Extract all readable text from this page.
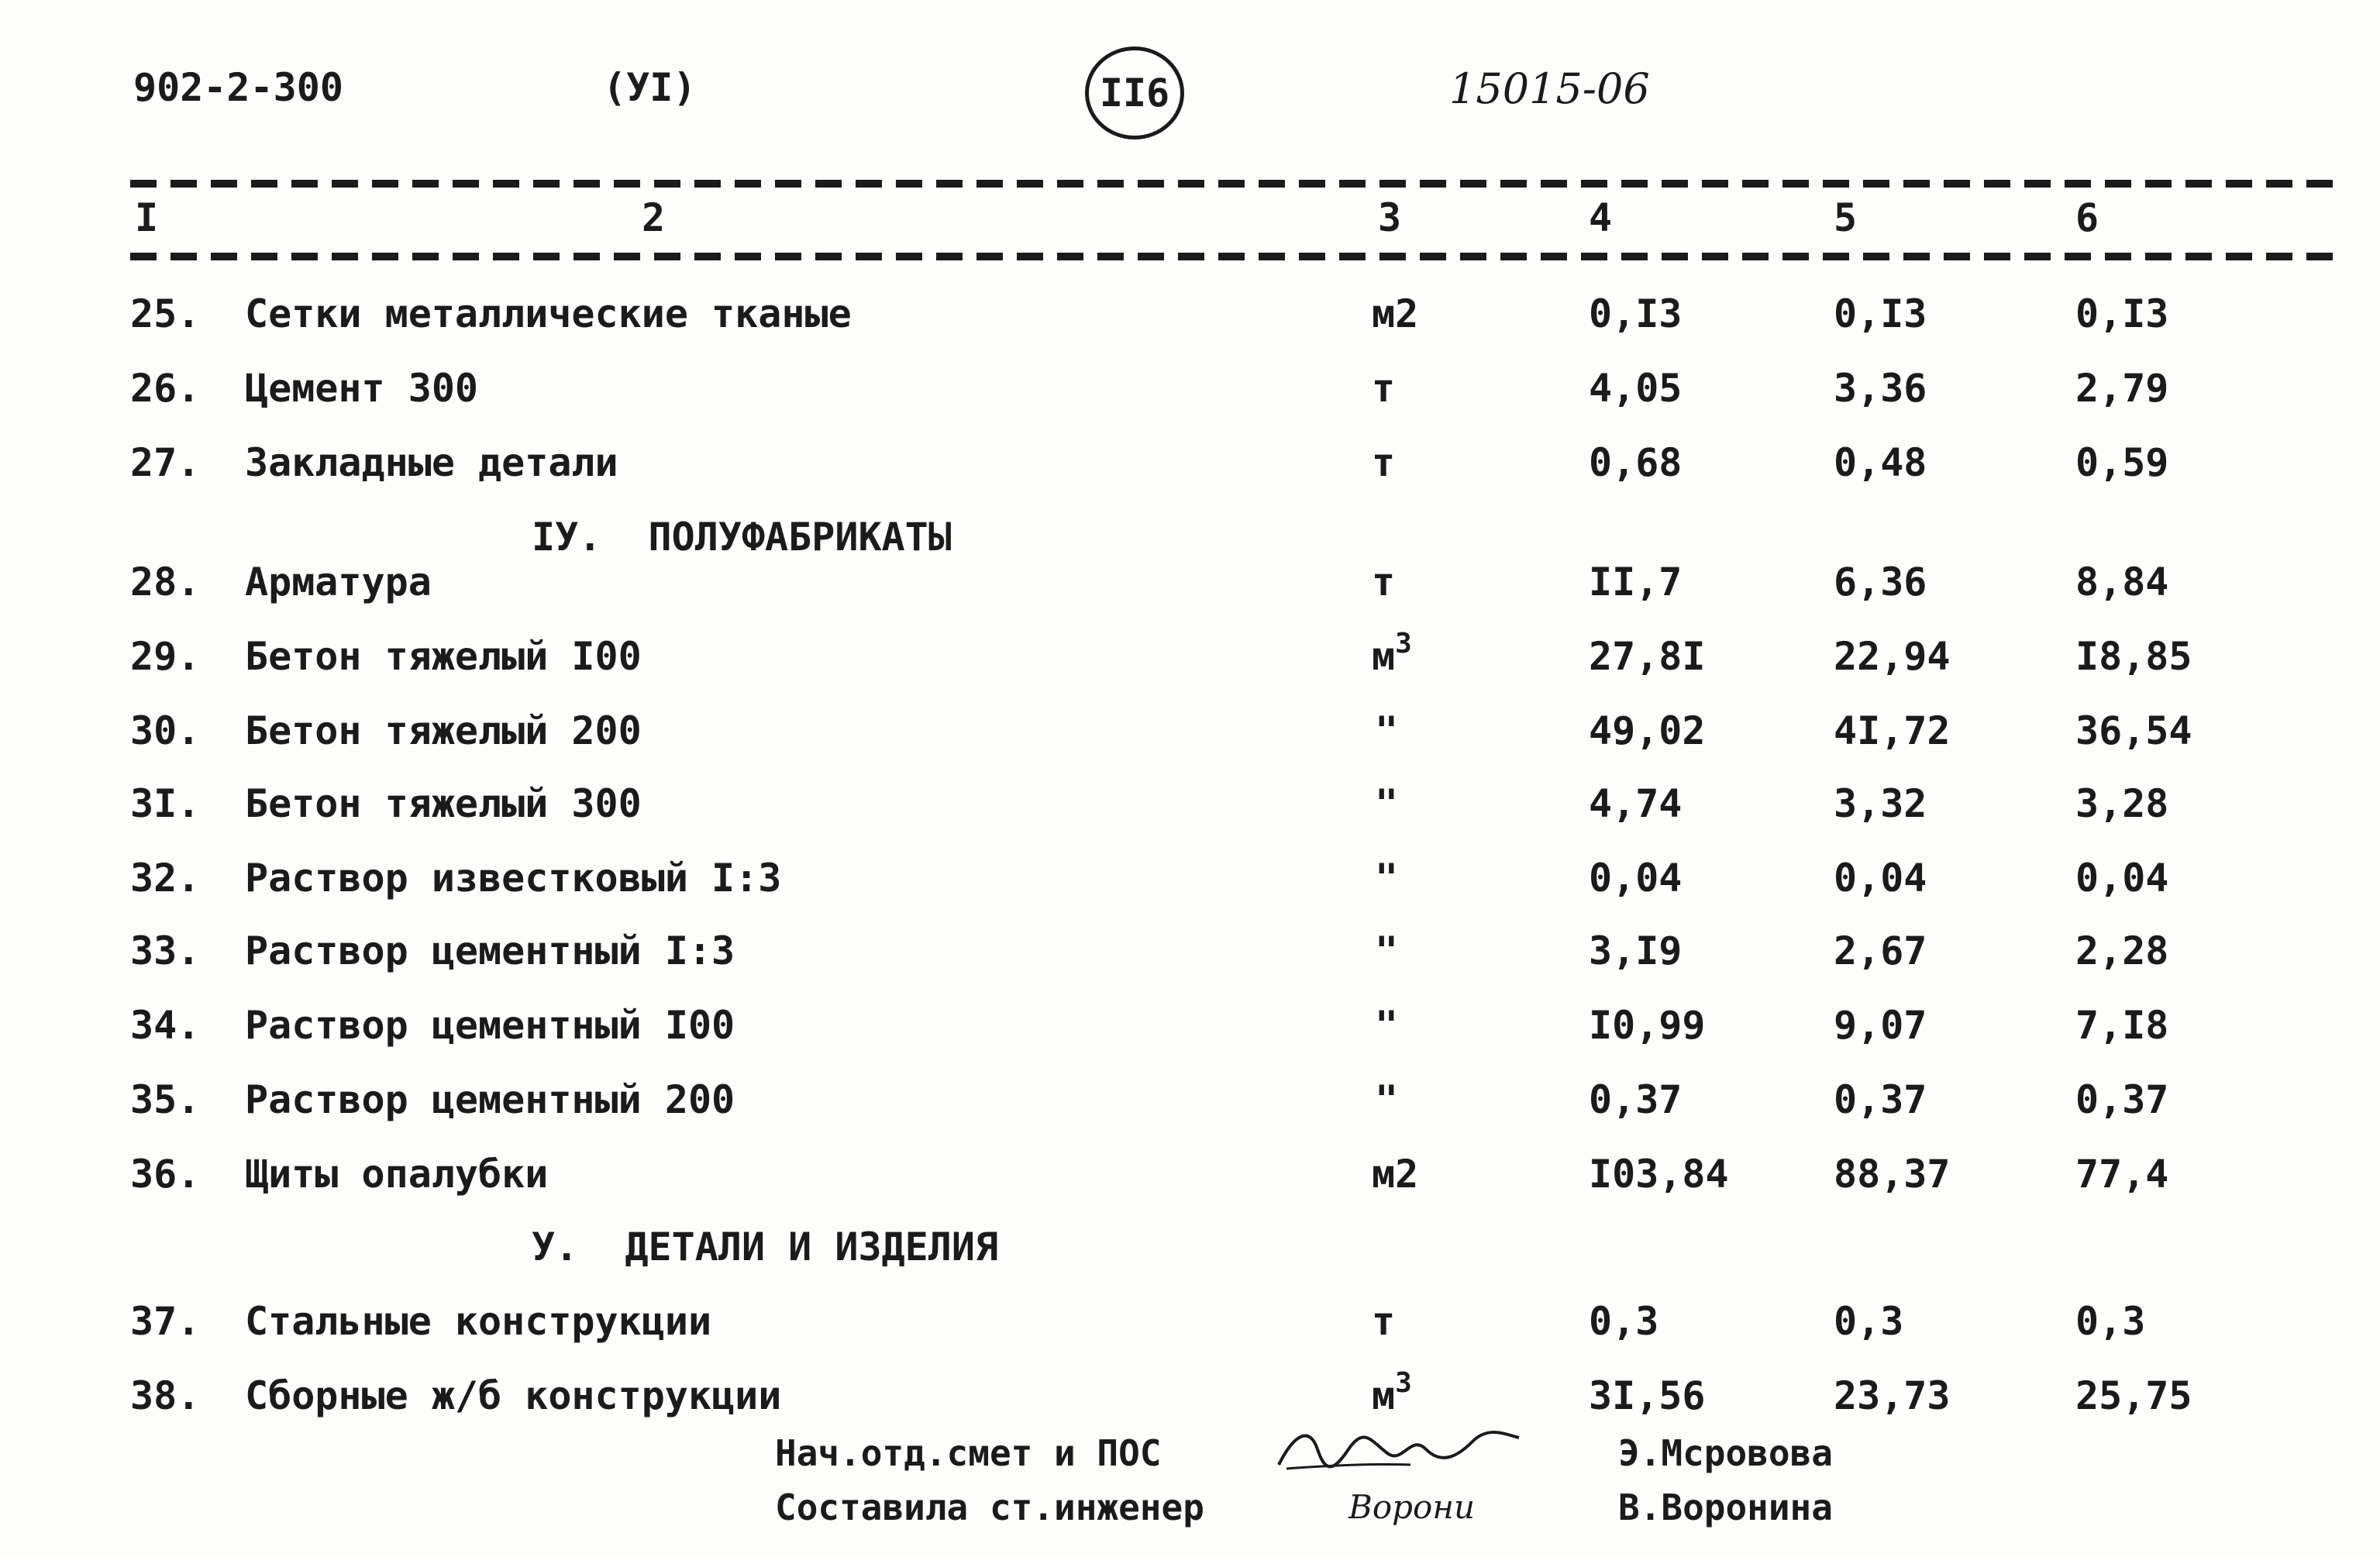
902-2-300	(УI)	II6	15015-06
I	2	3	4	5	6
25. Сетки металлические тканые	м2	0,I3	0,I3	0,I3
26. Цемент 300	т	4,05	3,36	2,79
27. Закладные детали	т	0,68	0,48	0,59
IУ. ПОЛУФАБРИКАТЫ
28. Арматура	т	II,7	6,36	8,84
29. Бетон тяжелый I00	$м^3$	27,8I	22,94	I8,85
30. Бетон тяжелый 200	"	49,02	4I,72	36,54
3I. Бетон тяжелый 300	"	4,74	3,32	3,28
32. Раствор известковый I:3	"	0,04	0,04	0,04
33. Раствор цементный I:3	"	3,I9	2,67	2,28
34. Раствор цементный I00	"	I0,99	9,07	7,I8
35. Раствор цементный 200	"	0,37	0,37	0,37
36. Щиты опалубки	м2	I03,84	88,37	77,4
У. ДЕТАЛИ И ИЗДЕЛИЯ
37. Стальные конструкции	т	0,3	0,3	0,3
38. Сборные ж/б конструкции	$м^3$	3I,56	23,73	25,75
Нач.отд.смет и ПОС	Э.Мсровова
Составила ст.инженер	Ворони	В.Воронина
